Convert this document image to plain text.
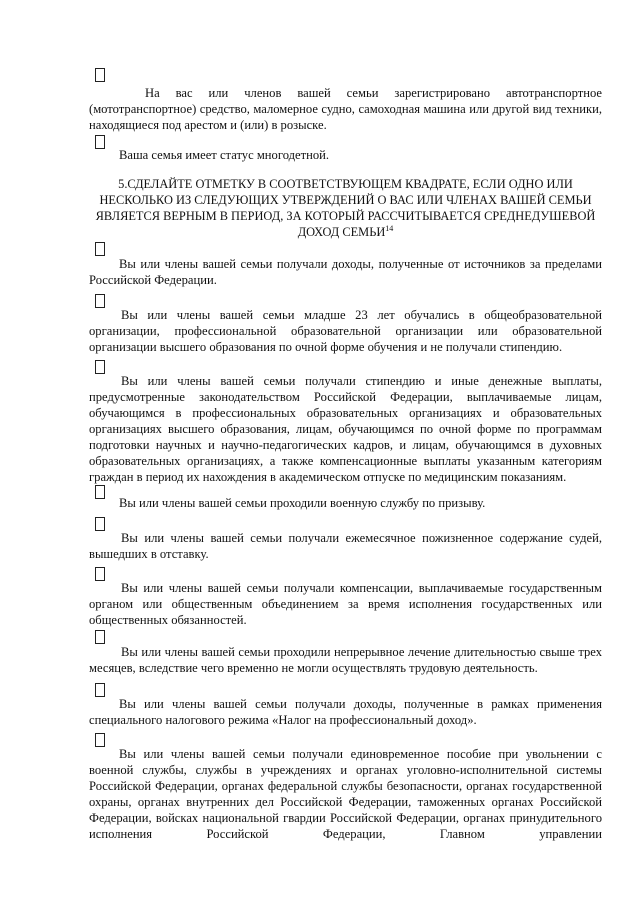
На вас или членов вашей семьи зарегистрировано автотранспортное (мототранспортное) средство, маломерное судно, самоходная машина или другой вид техники, находящиеся под арестом и (или) в розыске.

Ваша семья имеет статус многодетной.

5.СДЕЛАЙТЕ ОТМЕТКУ В СООТВЕТСТВУЮЩЕМ КВАДРАТЕ, ЕСЛИ ОДНО ИЛИ НЕСКОЛЬКО ИЗ СЛЕДУЮЩИХ УТВЕРЖДЕНИЙ О ВАС ИЛИ ЧЛЕНАХ ВАШЕЙ СЕМЬИ ЯВЛЯЕТСЯ ВЕРНЫМ В ПЕРИОД, ЗА КОТОРЫЙ РАССЧИТЫВАЕТСЯ СРЕДНЕДУШЕВОЙ ДОХОД СЕМЬИ$^{14}$

Вы или члены вашей семьи получали доходы, полученные от источников за пределами Российской Федерации.

Вы или члены вашей семьи младше 23 лет обучались в общеобразовательной организации, профессиональной образовательной организации или образовательной организации высшего образования по очной форме обучения и не получали стипендию.

Вы или члены вашей семьи получали стипендию и иные денежные выплаты, предусмотренные законодательством Российской Федерации, выплачиваемые лицам, обучающимся в профессиональных образовательных организациях и образовательных организациях высшего образования, лицам, обучающимся по очной форме по программам подготовки научных и научно-педагогических кадров, и лицам, обучающимся в духовных образовательных организациях, а также компенсационные выплаты указанным категориям граждан в период их нахождения в академическом отпуске по медицинским показаниям.

Вы или члены вашей семьи проходили военную службу по призыву.

Вы или члены вашей семьи получали ежемесячное пожизненное содержание судей, вышедших в отставку.

Вы или члены вашей семьи получали компенсации, выплачиваемые государственным органом или общественным объединением за время исполнения государственных или общественных обязанностей.

Вы или члены вашей семьи проходили непрерывное лечение длительностью свыше трех месяцев, вследствие чего временно не могли осуществлять трудовую деятельность.

Вы или члены вашей семьи получали доходы, полученные в рамках применения специального налогового режима «Налог на профессиональный доход».

Вы или члены вашей семьи получали единовременное пособие при увольнении с военной службы, службы в учреждениях и органах уголовно-исполнительной системы Российской Федерации, органах федеральной службы безопасности, органах государственной охраны, органах внутренних дел Российской Федерации, таможенных органах Российской Федерации, войсках национальной гвардии Российской Федерации, органах принудительного исполнения Российской Федерации, Главном управлении
